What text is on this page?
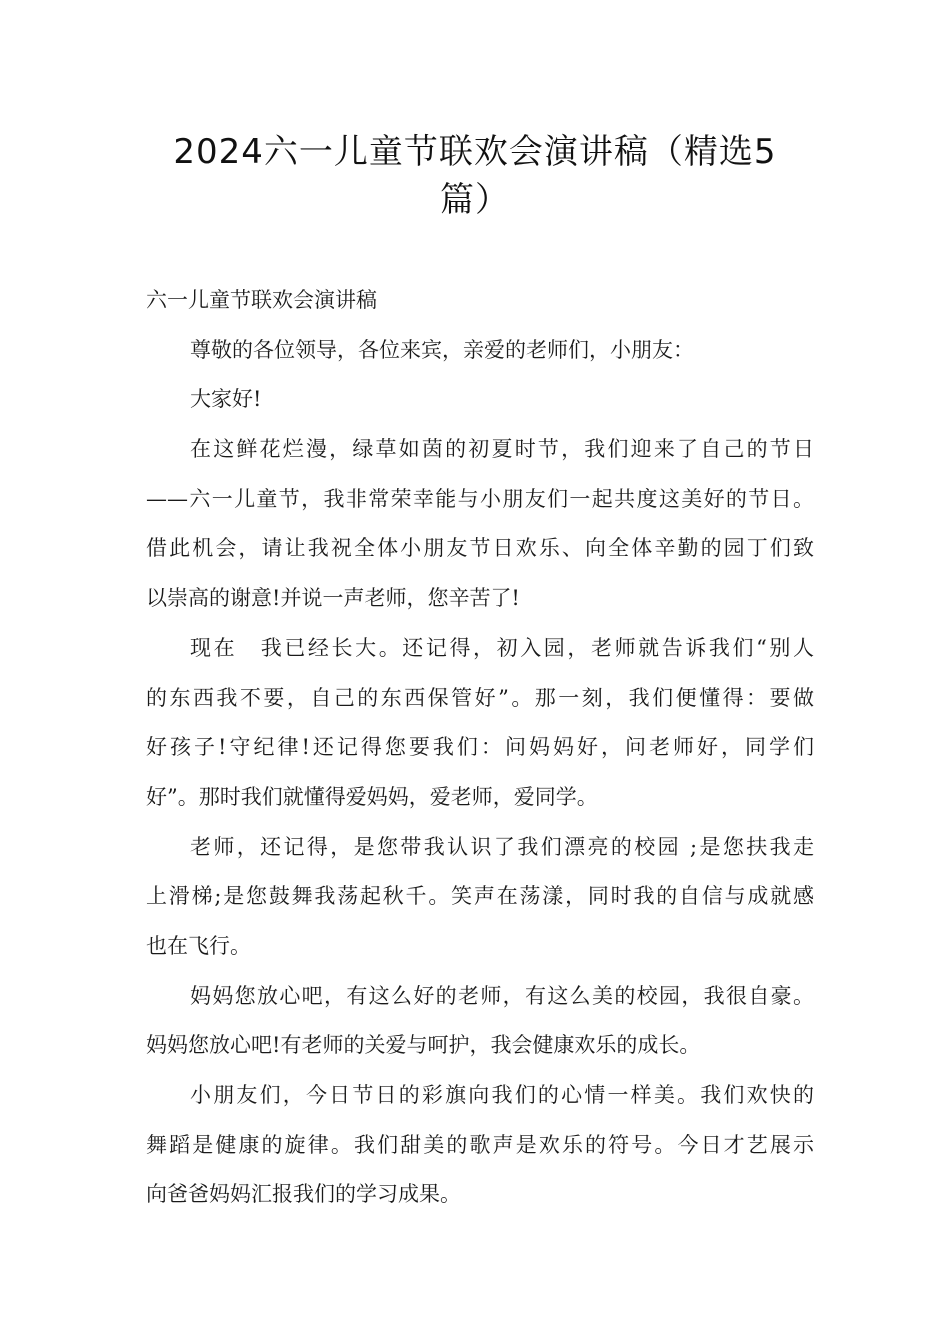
2024六一儿童节联欢会演讲稿（精选5
篇）
六一儿童节联欢会演讲稿
尊敬的各位领导，各位来宾，亲爱的老师们，小朋友：
大家好!
在这鲜花烂漫，绿草如茵的初夏时节，我们迎来了自己的节日
——六一儿童节，我非常荣幸能与小朋友们一起共度这美好的节日。
借此机会，请让我祝全体小朋友节日欢乐、向全体辛勤的园丁们致
以崇高的谢意!并说一声老师，您辛苦了!
现在　我已经长大。还记得，初入园，老师就告诉我们“别人
的东西我不要，自己的东西保管好”。那一刻，我们便懂得：要做
好孩子!守纪律!还记得您要我们：问妈妈好，问老师好，同学们
好”。那时我们就懂得爱妈妈，爱老师，爱同学。
老师，还记得，是您带我认识了我们漂亮的校园 ;是您扶我走
上滑梯;是您鼓舞我荡起秋千。笑声在荡漾，同时我的自信与成就感
也在飞行。
妈妈您放心吧，有这么好的老师，有这么美的校园，我很自豪。
妈妈您放心吧!有老师的关爱与呵护，我会健康欢乐的成长。
小朋友们，今日节日的彩旗向我们的心情一样美。我们欢快的
舞蹈是健康的旋律。我们甜美的歌声是欢乐的符号。今日才艺展示
向爸爸妈妈汇报我们的学习成果。
